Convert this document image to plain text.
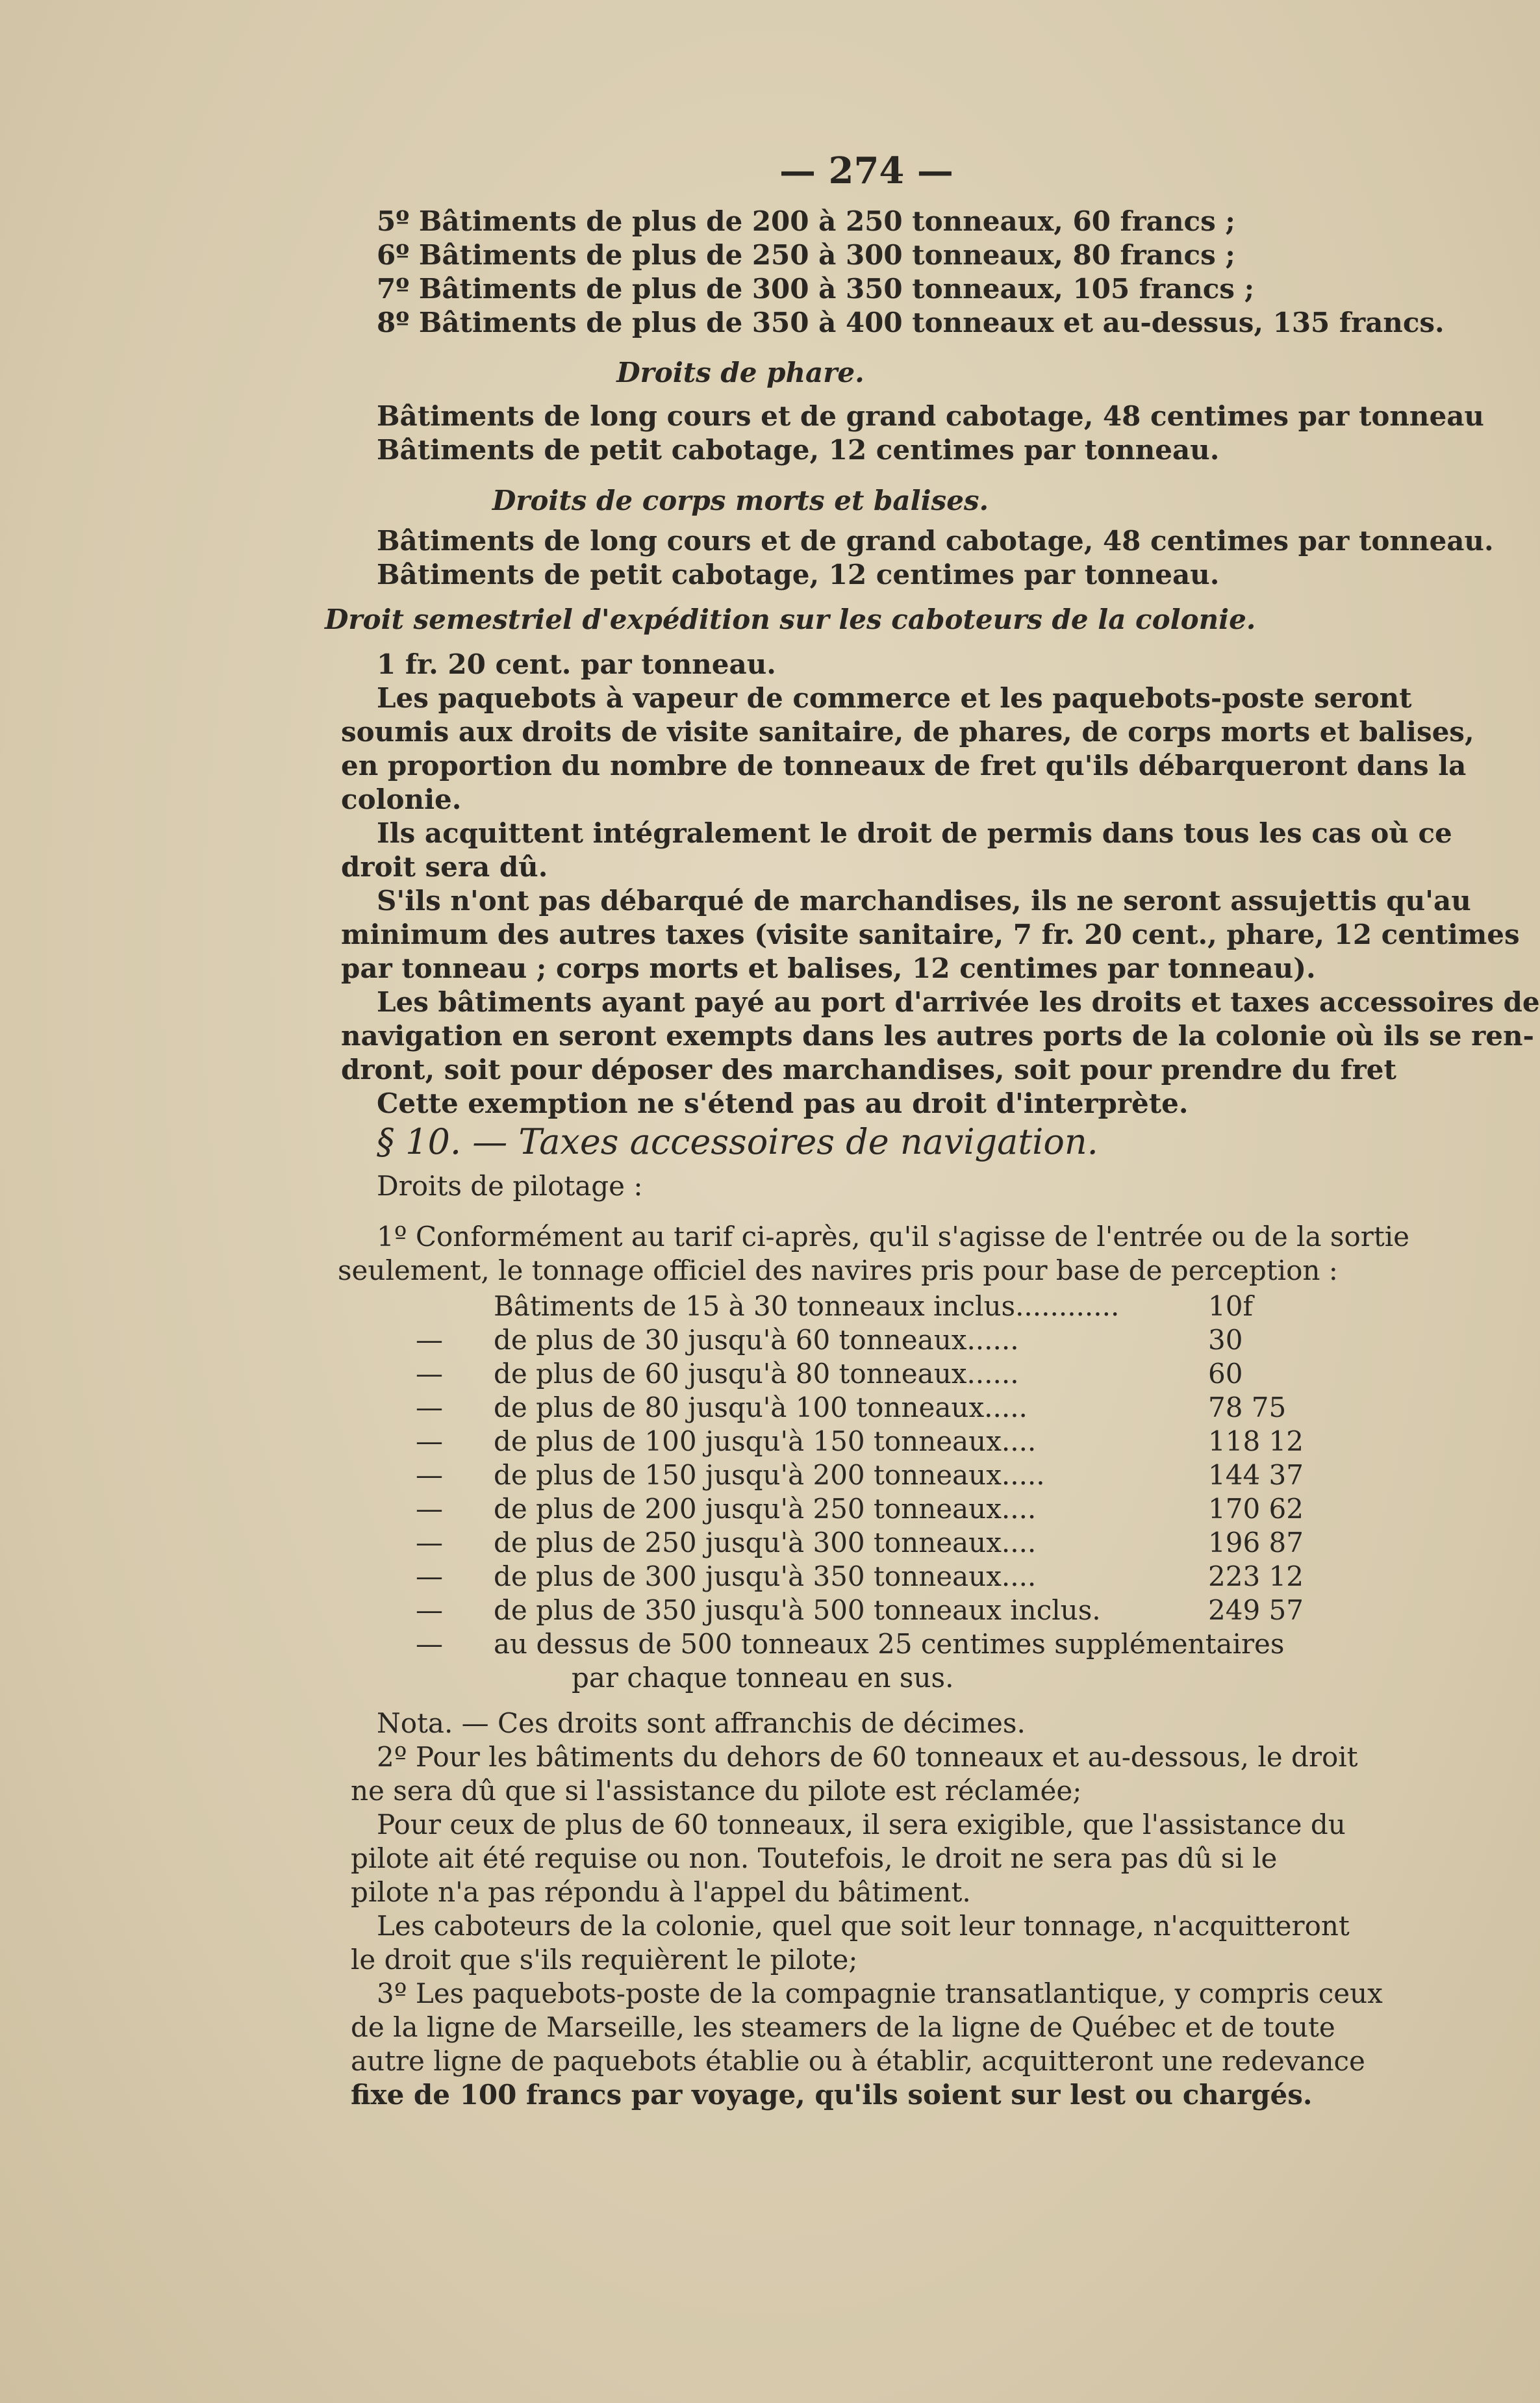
— 274 —
5º Bâtiments de plus de 200 à 250 tonneaux, 60 francs ;
6º Bâtiments de plus de 250 à 300 tonneaux, 80 francs ;
7º Bâtiments de plus de 300 à 350 tonneaux, 105 francs ;
8º Bâtiments de plus de 350 à 400 tonneaux et au-dessus, 135 francs.
Droits de phare.
Bâtiments de long cours et de grand cabotage, 48 centimes par tonneau
Bâtiments de petit cabotage, 12 centimes par tonneau.
Droits de corps morts et balises.
Bâtiments de long cours et de grand cabotage, 48 centimes par tonneau.
Bâtiments de petit cabotage, 12 centimes par tonneau.
Droit semestriel d'expédition sur les caboteurs de la colonie.
1 fr. 20 cent. par tonneau.
Les paquebots à vapeur de commerce et les paquebots-poste seront
soumis aux droits de visite sanitaire, de phares, de corps morts et balises,
en proportion du nombre de tonneaux de fret qu'ils débarqueront dans la
colonie.
Ils acquittent intégralement le droit de permis dans tous les cas où ce
droit sera dû.
S'ils n'ont pas débarqué de marchandises, ils ne seront assujettis qu'au
minimum des autres taxes (visite sanitaire, 7 fr. 20 cent., phare, 12 centimes
par tonneau ; corps morts et balises, 12 centimes par tonneau).
Les bâtiments ayant payé au port d'arrivée les droits et taxes accessoires de
navigation en seront exempts dans les autres ports de la colonie où ils se ren-
dront, soit pour déposer des marchandises, soit pour prendre du fret
Cette exemption ne s'étend pas au droit d'interprète.
§ 10. — Taxes accessoires de navigation.
Droits de pilotage :
1º Conformément au tarif ci-après, qu'il s'agisse de l'entrée ou de la sortie
seulement, le tonnage officiel des navires pris pour base de perception :
Bâtiments de 15 à 30 tonneaux inclus............	10f
— de plus de 30 jusqu'à 60 tonneaux......	30
— de plus de 60 jusqu'à 80 tonneaux......	60
— de plus de 80 jusqu'à 100 tonneaux.....	78 75
— de plus de 100 jusqu'à 150 tonneaux....	118 12
— de plus de 150 jusqu'à 200 tonneaux.....	144 37
— de plus de 200 jusqu'à 250 tonneaux....	170 62
— de plus de 250 jusqu'à 300 tonneaux....	196 87
— de plus de 300 jusqu'à 350 tonneaux....	223 12
— de plus de 350 jusqu'à 500 tonneaux inclus.	249 57
— au dessus de 500 tonneaux 25 centimes supplémentaires
par chaque tonneau en sus.
Nota. — Ces droits sont affranchis de décimes.
2º Pour les bâtiments du dehors de 60 tonneaux et au-dessous, le droit
ne sera dû que si l'assistance du pilote est réclamée;
Pour ceux de plus de 60 tonneaux, il sera exigible, que l'assistance du
pilote ait été requise ou non. Toutefois, le droit ne sera pas dû si le
pilote n'a pas répondu à l'appel du bâtiment.
Les caboteurs de la colonie, quel que soit leur tonnage, n'acquitteront
le droit que s'ils requièrent le pilote;
3º Les paquebots-poste de la compagnie transatlantique, y compris ceux
de la ligne de Marseille, les steamers de la ligne de Québec et de toute
autre ligne de paquebots établie ou à établir, acquitteront une redevance
fixe de 100 francs par voyage, qu'ils soient sur lest ou chargés.
